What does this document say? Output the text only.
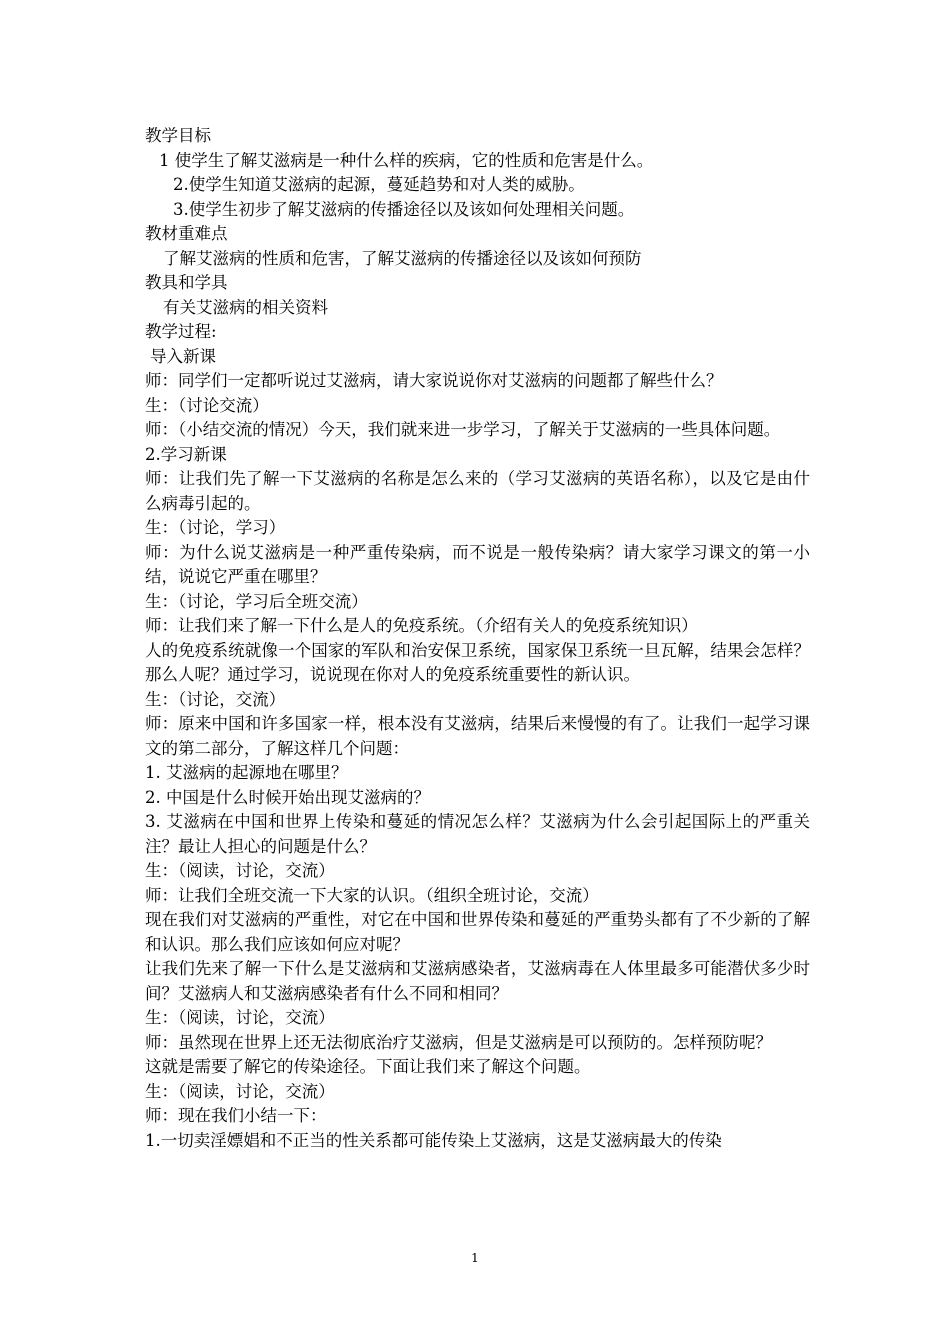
教学目标
1 使学生了解艾滋病是一种什么样的疾病，它的性质和危害是什么。
2.使学生知道艾滋病的起源，蔓延趋势和对人类的威胁。
3.使学生初步了解艾滋病的传播途径以及该如何处理相关问题。
教材重难点
了解艾滋病的性质和危害，了解艾滋病的传播途径以及该如何预防
教具和学具
有关艾滋病的相关资料
教学过程:
导入新课
师：同学们一定都听说过艾滋病，请大家说说你对艾滋病的问题都了解些什么？
生：（讨论交流）
师：（小结交流的情况）今天，我们就来进一步学习，了解关于艾滋病的一些具体问题。
2.学习新课
师：让我们先了解一下艾滋病的名称是怎么来的（学习艾滋病的英语名称），以及它是由什么病毒引起的。
生：（讨论，学习）
师：为什么说艾滋病是一种严重传染病，而不说是一般传染病？请大家学习课文的第一小结，说说它严重在哪里？
生：（讨论，学习后全班交流）
师：让我们来了解一下什么是人的免疫系统。（介绍有关人的免疫系统知识）
人的免疫系统就像一个国家的军队和治安保卫系统，国家保卫系统一旦瓦解，结果会怎样？那么人呢？通过学习，说说现在你对人的免疫系统重要性的新认识。
生：（讨论，交流）
师：原来中国和许多国家一样，根本没有艾滋病，结果后来慢慢的有了。让我们一起学习课文的第二部分，了解这样几个问题：
1. 艾滋病的起源地在哪里？
2. 中国是什么时候开始出现艾滋病的？
3. 艾滋病在中国和世界上传染和蔓延的情况怎么样？艾滋病为什么会引起国际上的严重关注？最让人担心的问题是什么？
生：（阅读，讨论，交流）
师：让我们全班交流一下大家的认识。（组织全班讨论，交流）
现在我们对艾滋病的严重性，对它在中国和世界传染和蔓延的严重势头都有了不少新的了解和认识。那么我们应该如何应对呢？
让我们先来了解一下什么是艾滋病和艾滋病感染者，艾滋病毒在人体里最多可能潜伏多少时间？艾滋病人和艾滋病感染者有什么不同和相同？
生：（阅读，讨论，交流）
师：虽然现在世界上还无法彻底治疗艾滋病，但是艾滋病是可以预防的。怎样预防呢？
这就是需要了解它的传染途径。下面让我们来了解这个问题。
生：（阅读，讨论，交流）
师：现在我们小结一下：
1.一切卖淫嫖娼和不正当的性关系都可能传染上艾滋病，这是艾滋病最大的传染
1
